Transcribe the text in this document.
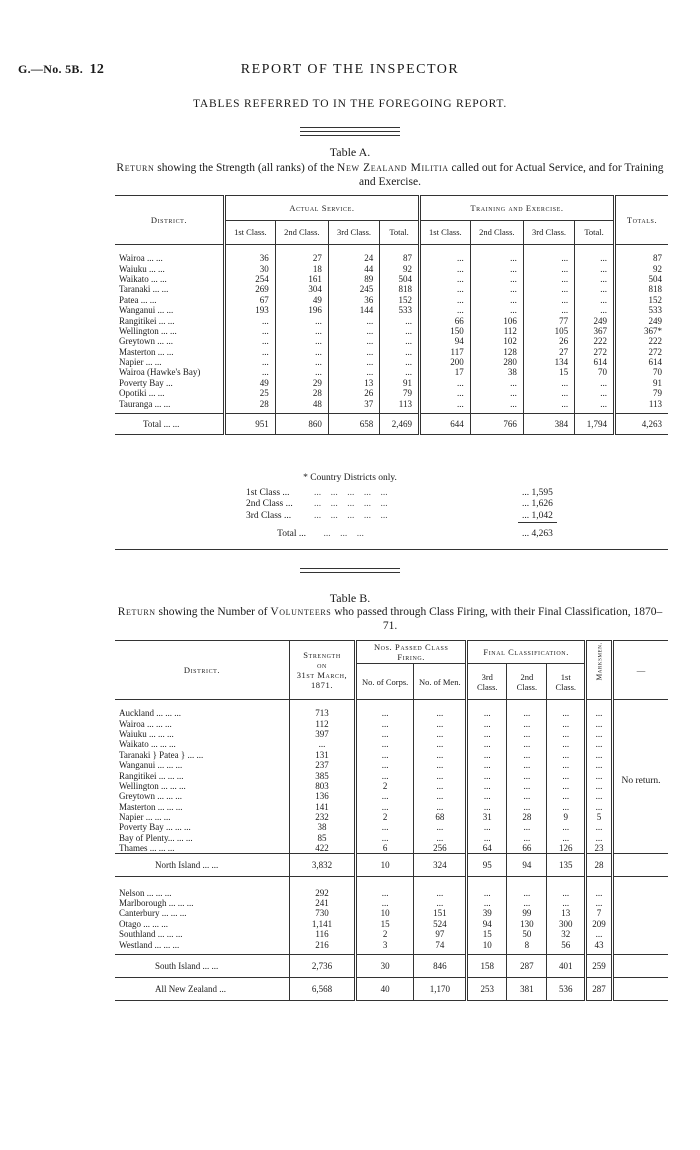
G.—No. 5B. 12	REPORT OF THE INSPECTOR
TABLES REFERRED TO IN THE FOREGOING REPORT.
Table A.
Return showing the Strength (all ranks) of the New Zealand Militia called out for Actual Service, and for Training and Exercise.
District.	Actual Service.				Training and Exercise.				Totals.
	1st Class.	2nd Class.	3rd Class.	Total.	1st Class.	2nd Class.	3rd Class.	Total.	

Wairoa ... ...	36	27	24	87	...	...	...	...	87
Waiuku ... ...	30	18	44	92	...	...	...	...	92
Waikato ... ...	254	161	89	504	...	...	...	...	504
Taranaki ... ...	269	304	245	818	...	...	...	...	818
Patea ... ...	67	49	36	152	...	...	...	...	152
Wanganui ... ...	193	196	144	533	...	...	...	...	533
Rangitikei ... ...	...	...	...	...	66	106	77	249	249
Wellington ... ...	...	...	...	...	150	112	105	367	367*
Greytown ... ...	...	...	...	...	94	102	26	222	222
Masterton ... ...	...	...	...	...	117	128	27	272	272
Napier ... ...	...	...	...	...	200	280	134	614	614
Wairoa (Hawke's Bay)	...	...	...	...	17	38	15	70	70
Poverty Bay ...	49	29	13	91	...	...	...	...	91
Opotiki ... ...	25	28	26	79	...	...	...	...	79
Tauranga ... ...	28	48	37	113	...	...	...	...	113

Total ... ...	951	860	658	2,469	644	766	384	1,794	4,263
* Country Districts only.
1st Class ...	...    ...    ...    ...    ...	... 1,595
2nd Class ...	...    ...    ...    ...    ...	... 1,626
3rd Class ...	...    ...    ...    ...    ...	... 1,042
Total ...	...    ...    ...	... 4,263
Table B.
Return showing the Number of Volunteers who passed through Class Firing, with their Final Classification, 1870–71.
District.	Strength
on
31st March,
1871.	Nos. Passed Class Firing.		Final Classification.			Marksmen.	—
		No. of Corps.	No. of Men.	3rd Class.	2nd Class.	1st Class.		

Auckland ... ... ...	713	...	...	...	...	...	...	No return.
Wairoa ... ... ...	112	...	...	...	...	...	...	
Waiuku ... ... ...	397	...	...	...	...	...	...	
Waikato ... ... ...	...	...	...	...	...	...	...	
Taranaki } Patea } ... ...	131	...	...	...	...	...	...	
Wanganui ... ... ...	237	...	...	...	...	...	...	
Rangitikei ... ... ...	385	...	...	...	...	...	...	
Wellington ... ... ...	803	2	...	...	...	...	...	
Greytown ... ... ...	136	...	...	...	...	...	...	
Masterton ... ... ...	141	...	...	...	...	...	...	
Napier ... ... ...	232	2	68	31	28	9	5	
Poverty Bay ... ... ...	38	...	...	...	...	...	...	
Bay of Plenty... ... ...	85	...	...	...	...	...	...	
Thames ... ... ...	422	6	256	64	66	126	23	
North Island ... ...	3,832	10	324	95	94	135	28	

Nelson ... ... ...	292	...	...	...	...	...	...	
Marlborough ... ... ...	241	...	...	...	...	...	...	
Canterbury ... ... ...	730	10	151	39	99	13	7	
Otago ... ... ...	1,141	15	524	94	130	300	209	
Southland ... ... ...	116	2	97	15	50	32	...	
Westland ... ... ...	216	3	74	10	8	56	43	

South Island ... ...	2,736	30	846	158	287	401	259	
All New Zealand ...	6,568	40	1,170	253	381	536	287	
